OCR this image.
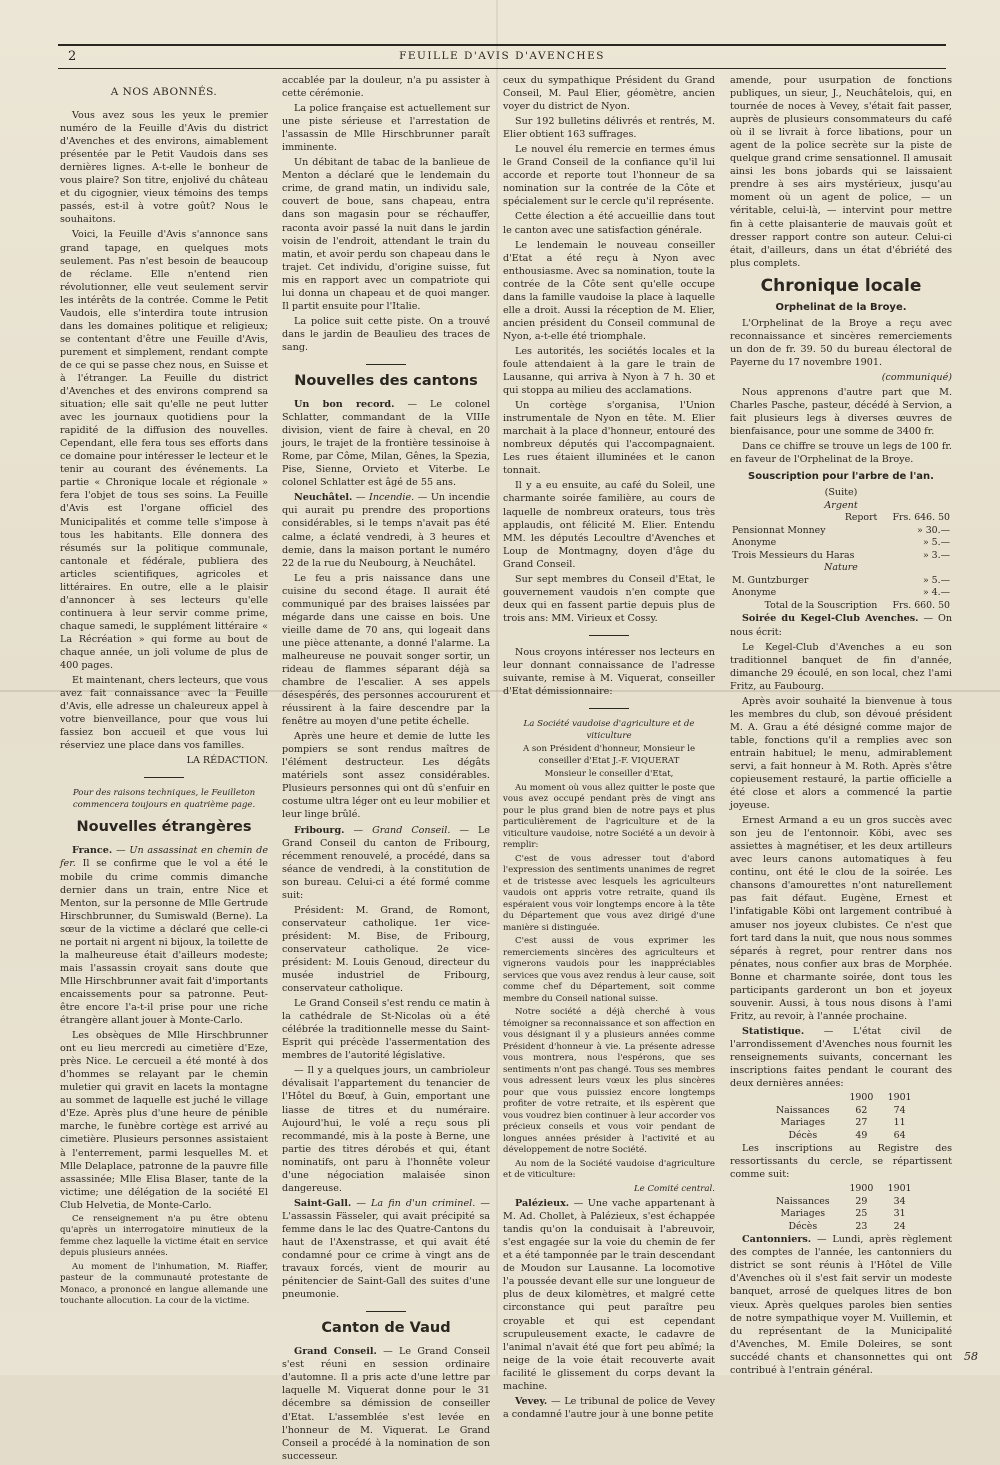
2	FEUILLE D'AVIS D'AVENCHES
A NOS ABONNÉS.

Vous avez sous les yeux le premier numéro de la Feuille d'Avis du district d'Avenches et des environs, aimablement présentée par le Petit Vaudois dans ses dernières lignes. A-t-elle le bonheur de vous plaire? Son titre, enjolivé du château et du cigognier, vieux témoins des temps passés, est-il à votre goût? Nous le souhaitons.

Voici, la Feuille d'Avis s'annonce sans grand tapage, en quelques mots seulement. Pas n'est besoin de beaucoup de réclame. Elle n'entend rien révolutionner, elle veut seulement servir les intérêts de la contrée. Comme le Petit Vaudois, elle s'interdira toute intrusion dans les domaines politique et religieux; se contentant d'être une Feuille d'Avis, purement et simplement, rendant compte de ce qui se passe chez nous, en Suisse et à l'étranger. La Feuille du district d'Avenches et des environs comprend sa situation; elle sait qu'elle ne peut lutter avec les journaux quotidiens pour la rapidité de la diffusion des nouvelles. Cependant, elle fera tous ses efforts dans ce domaine pour intéresser le lecteur et le tenir au courant des événements. La partie « Chronique locale et régionale » fera l'objet de tous ses soins. La Feuille d'Avis est l'organe officiel des Municipalités et comme telle s'impose à tous les habitants. Elle donnera des résumés sur la politique communale, cantonale et fédérale, publiera des articles scientifiques, agricoles et littéraires. En outre, elle a le plaisir d'annoncer à ses lecteurs qu'elle continuera à leur servir comme prime, chaque samedi, le supplément littéraire « La Récréation » qui forme au bout de chaque année, un joli volume de plus de 400 pages.

Et maintenant, chers lecteurs, que vous avez fait connaissance avec la Feuille d'Avis, elle adresse un chaleureux appel à votre bienveillance, pour que vous lui fassiez bon accueil et que vous lui réserviez une place dans vos familles.

LA RÉDACTION.

Pour des raisons techniques, le Feuilleton commencera toujours en quatrième page.

Nouvelles étrangères

France. — Un assassinat en chemin de fer. Il se confirme que le vol a été le mobile du crime commis dimanche dernier dans un train, entre Nice et Menton, sur la personne de Mlle Gertrude Hirschbrunner, du Sumiswald (Berne). La sœur de la victime a déclaré que celle-ci ne portait ni argent ni bijoux, la toilette de la malheureuse était d'ailleurs modeste; mais l'assassin croyait sans doute que Mlle Hirschbrunner avait fait d'importants encaissements pour sa patronne. Peut-être encore l'a-t-il prise pour une riche étrangère allant jouer à Monte-Carlo.

Les obsèques de Mlle Hirschbrunner ont eu lieu mercredi au cimetière d'Eze, près Nice. Le cercueil a été monté à dos d'hommes se relayant par le chemin muletier qui gravit en lacets la montagne au sommet de laquelle est juché le village d'Eze. Après plus d'une heure de pénible marche, le funèbre cortège est arrivé au cimetière. Plusieurs personnes assistaient à l'enterrement, parmi lesquelles M. et Mlle Delaplace, patronne de la pauvre fille assassinée; Mlle Elisa Blaser, tante de la victime; une délégation de la société El Club Helvetia, de Monte-Carlo.

Ce renseignement n'a pu être obtenu qu'après un interrogatoire minutieux de la femme chez laquelle la victime était en service depuis plusieurs années.

Au moment de l'inhumation, M. Riaffer, pasteur de la communauté protestante de Monaco, a prononcé en langue allemande une touchante allocution. La cour de la victime.

accablée par la douleur, n'a pu assister à cette cérémonie.

La police française est actuellement sur une piste sérieuse et l'arrestation de l'assassin de Mlle Hirschbrunner paraît imminente.

Un débitant de tabac de la banlieue de Menton a déclaré que le lendemain du crime, de grand matin, un individu sale, couvert de boue, sans chapeau, entra dans son magasin pour se réchauffer, raconta avoir passé la nuit dans le jardin voisin de l'endroit, attendant le train du matin, et avoir perdu son chapeau dans le trajet. Cet individu, d'origine suisse, fut mis en rapport avec un compatriote qui lui donna un chapeau et de quoi manger. Il partit ensuite pour l'Italie.

La police suit cette piste. On a trouvé dans le jardin de Beaulieu des traces de sang.

Nouvelles des cantons

Un bon record. — Le colonel Schlatter, commandant de la VIIIe division, vient de faire à cheval, en 20 jours, le trajet de la frontière tessinoise à Rome, par Côme, Milan, Gênes, la Spezia, Pise, Sienne, Orvieto et Viterbe. Le colonel Schlatter est âgé de 55 ans.

Neuchâtel. — Incendie. — Un incendie qui aurait pu prendre des proportions considérables, si le temps n'avait pas été calme, a éclaté vendredi, à 3 heures et demie, dans la maison portant le numéro 22 de la rue du Neubourg, à Neuchâtel.

Le feu a pris naissance dans une cuisine du second étage. Il aurait été communiqué par des braises laissées par mégarde dans une caisse en bois. Une vieille dame de 70 ans, qui logeait dans une pièce attenante, a donné l'alarme. La malheureuse ne pouvait songer sortir, un rideau de flammes séparant déjà sa chambre de l'escalier. A ses appels désespérés, des personnes accoururent et réussirent à la faire descendre par la fenêtre au moyen d'une petite échelle.

Après une heure et demie de lutte les pompiers se sont rendus maîtres de l'élément destructeur. Les dégâts matériels sont assez considérables. Plusieurs personnes qui ont dû s'enfuir en costume ultra léger ont eu leur mobilier et leur linge brûlé.

Fribourg. — Grand Conseil. — Le Grand Conseil du canton de Fribourg, récemment renouvelé, a procédé, dans sa séance de vendredi, à la constitution de son bureau. Celui-ci a été formé comme suit:

Président: M. Grand, de Romont, conservateur catholique. 1er vice-président: M. Bise, de Fribourg, conservateur catholique. 2e vice-président: M. Louis Genoud, directeur du musée industriel de Fribourg, conservateur catholique.

Le Grand Conseil s'est rendu ce matin à la cathédrale de St-Nicolas où a été célébrée la traditionnelle messe du Saint-Esprit qui précède l'assermentation des membres de l'autorité législative.

— Il y a quelques jours, un cambrioleur dévalisait l'appartement du tenancier de l'Hôtel du Bœuf, à Guin, emportant une liasse de titres et du numéraire. Aujourd'hui, le volé a reçu sous pli recommandé, mis à la poste à Berne, une partie des titres dérobés et qui, étant nominatifs, ont paru à l'honnête voleur d'une négociation malaisée sinon dangereuse.

Saint-Gall. — La fin d'un criminel. — L'assassin Fässeler, qui avait précipité sa femme dans le lac des Quatre-Cantons du haut de l'Axenstrasse, et qui avait été condamné pour ce crime à vingt ans de travaux forcés, vient de mourir au pénitencier de Saint-Gall des suites d'une pneumonie.

Canton de Vaud

Grand Conseil. — Le Grand Conseil s'est réuni en session ordinaire d'automne. Il a pris acte d'une lettre par laquelle M. Viquerat donne pour le 31 décembre sa démission de conseiller d'Etat. L'assemblée s'est levée en l'honneur de M. Viquerat. Le Grand Conseil a procédé à la nomination de son successeur.

ceux du sympathique Président du Grand Conseil, M. Paul Elier, géomètre, ancien voyer du district de Nyon.

Sur 192 bulletins délivrés et rentrés, M. Elier obtient 163 suffrages.

Le nouvel élu remercie en termes émus le Grand Conseil de la confiance qu'il lui accorde et reporte tout l'honneur de sa nomination sur la contrée de la Côte et spécialement sur le cercle qu'il représente.

Cette élection a été accueillie dans tout le canton avec une satisfaction générale.

Le lendemain le nouveau conseiller d'Etat a été reçu à Nyon avec enthousiasme. Avec sa nomination, toute la contrée de la Côte sent qu'elle occupe dans la famille vaudoise la place à laquelle elle a droit. Aussi la réception de M. Elier, ancien président du Conseil communal de Nyon, a-t-elle été triomphale.

Les autorités, les sociétés locales et la foule attendaient à la gare le train de Lausanne, qui arriva à Nyon à 7 h. 30 et qui stoppa au milieu des acclamations.

Un cortège s'organisa, l'Union instrumentale de Nyon en tête. M. Elier marchait à la place d'honneur, entouré des nombreux députés qui l'accompagnaient. Les rues étaient illuminées et le canon tonnait.

Il y a eu ensuite, au café du Soleil, une charmante soirée familière, au cours de laquelle de nombreux orateurs, tous très applaudis, ont félicité M. Elier. Entendu MM. les députés Lecoultre d'Avenches et Loup de Montmagny, doyen d'âge du Grand Conseil.

Sur sept membres du Conseil d'Etat, le gouvernement vaudois n'en compte que deux qui en fassent partie depuis plus de trois ans: MM. Virieux et Cossy.

Nous croyons intéresser nos lecteurs en leur donnant connaissance de l'adresse suivante, remise à M. Viquerat, conseiller d'Etat démissionnaire:

La Société vaudoise d'agriculture et de viticulture

A son Président d'honneur, Monsieur le conseiller d'Etat J.-F. VIQUERAT

Monsieur le conseiller d'Etat,

Au moment où vous allez quitter le poste que vous avez occupé pendant près de vingt ans pour le plus grand bien de notre pays et plus particulièrement de l'agriculture et de la viticulture vaudoise, notre Société a un devoir à remplir:

C'est de vous adresser tout d'abord l'expression des sentiments unanimes de regret et de tristesse avec lesquels les agriculteurs vaudois ont appris votre retraite, quand ils espéraient vous voir longtemps encore à la tête du Département que vous avez dirigé d'une manière si distinguée.

C'est aussi de vous exprimer les remerciements sincères des agriculteurs et vignerons vaudois pour les inappréciables services que vous avez rendus à leur cause, soit comme chef du Département, soit comme membre du Conseil national suisse.

Notre société a déjà cherché à vous témoigner sa reconnaissance et son affection en vous désignant il y a plusieurs années comme Président d'honneur à vie. La présente adresse vous montrera, nous l'espérons, que ses sentiments n'ont pas changé. Tous ses membres vous adressent leurs vœux les plus sincères pour que vous puissiez encore longtemps profiter de votre retraite, et ils espèrent que vous voudrez bien continuer à leur accorder vos précieux conseils et vous voir pendant de longues années présider à l'activité et au développement de notre Société.

Au nom de la Société vaudoise d'agriculture et de viticulture:

Le Comité central.

Palézieux. — Une vache appartenant à M. Ad. Chollet, à Palézieux, s'est échappée tandis qu'on la conduisait à l'abreuvoir, s'est engagée sur la voie du chemin de fer et a été tamponnée par le train descendant de Moudon sur Lausanne. La locomotive l'a poussée devant elle sur une longueur de plus de deux kilomètres, et malgré cette circonstance qui peut paraître peu croyable et qui est cependant scrupuleusement exacte, le cadavre de l'animal n'avait été que fort peu abîmé; la neige de la voie était recouverte avait facilité le glissement du corps devant la machine.

Vevey. — Le tribunal de police de Vevey a condamné l'autre jour à une bonne petite

amende, pour usurpation de fonctions publiques, un sieur, J., Neuchâtelois, qui, en tournée de noces à Vevey, s'était fait passer, auprès de plusieurs consommateurs du café où il se livrait à force libations, pour un agent de la police secrète sur la piste de quelque grand crime sensationnel. Il amusait ainsi les bons jobards qui se laissaient prendre à ses airs mystérieux, jusqu'au moment où un agent de police, — un véritable, celui-là, — intervint pour mettre fin à cette plaisanterie de mauvais goût et dresser rapport contre son auteur. Celui-ci était, d'ailleurs, dans un état d'ébriété des plus complets.

Chronique locale
Orphelinat de la Broye.

L'Orphelinat de la Broye a reçu avec reconnaissance et sincères remerciements un don de fr. 39. 50 du bureau électoral de Payerne du 17 novembre 1901.

(communiqué)

Nous apprenons d'autre part que M. Charles Pasche, pasteur, décédé à Servion, a fait plusieurs legs à diverses œuvres de bienfaisance, pour une somme de 3400 fr.

Dans ce chiffre se trouve un legs de 100 fr. en faveur de l'Orphelinat de la Broye.

Souscription pour l'arbre de l'an.
(Suite)
Argent
Report	Frs. 646. 50
Pensionnat Monney	» 30.—
Anonyme	» 5.—
Trois Messieurs du Haras	» 3.—
Nature	
M. Guntzburger	» 5.—
Anonyme	» 4.—
Total de la Souscription	Frs. 660. 50

Soirée du Kegel-Club Avenches. — On nous écrit:

Le Kegel-Club d'Avenches a eu son traditionnel banquet de fin d'année, dimanche 29 écoulé, en son local, chez l'ami Fritz, au Faubourg.

Après avoir souhaité la bienvenue à tous les membres du club, son dévoué président M. A. Grau a été désigné comme major de table, fonctions qu'il a remplies avec son entrain habituel; le menu, admirablement servi, a fait honneur à M. Roth. Après s'être copieusement restauré, la partie officielle a été close et alors a commencé la partie joyeuse.

Ernest Armand a eu un gros succès avec son jeu de l'entonnoir. Köbi, avec ses assiettes à magnétiser, et les deux artilleurs avec leurs canons automatiques à feu continu, ont été le clou de la soirée. Les chansons d'amourettes n'ont naturellement pas fait défaut. Eugène, Ernest et l'infatigable Köbi ont largement contribué à amuser nos joyeux clubistes. Ce n'est que fort tard dans la nuit, que nous nous sommes séparés à regret, pour rentrer dans nos pénates, nous confier aux bras de Morphée. Bonne et charmante soirée, dont tous les participants garderont un bon et joyeux souvenir. Aussi, à tous nous disons à l'ami Fritz, au revoir, à l'année prochaine.

Statistique. — L'état civil de l'arrondissement d'Avenches nous fournit les renseignements suivants, concernant les inscriptions faites pendant le courant des deux dernières années:

	1900	1901
Naissances	62	74
Mariages	27	11
Décès	49	64

Les inscriptions au Registre des ressortissants du cercle, se répartissent comme suit:

	1900	1901
Naissances	29	34
Mariages	25	31
Décès	23	24

Cantonniers. — Lundi, après règlement des comptes de l'année, les cantonniers du district se sont réunis à l'Hôtel de Ville d'Avenches où il s'est fait servir un modeste banquet, arrosé de quelques litres de bon vieux. Après quelques paroles bien senties de notre sympathique voyer M. Vuillemin, et du représentant de la Municipalité d'Avenches, M. Emile Doleires, se sont succédé chants et chansonnettes qui ont contribué à l'entrain général.

58
